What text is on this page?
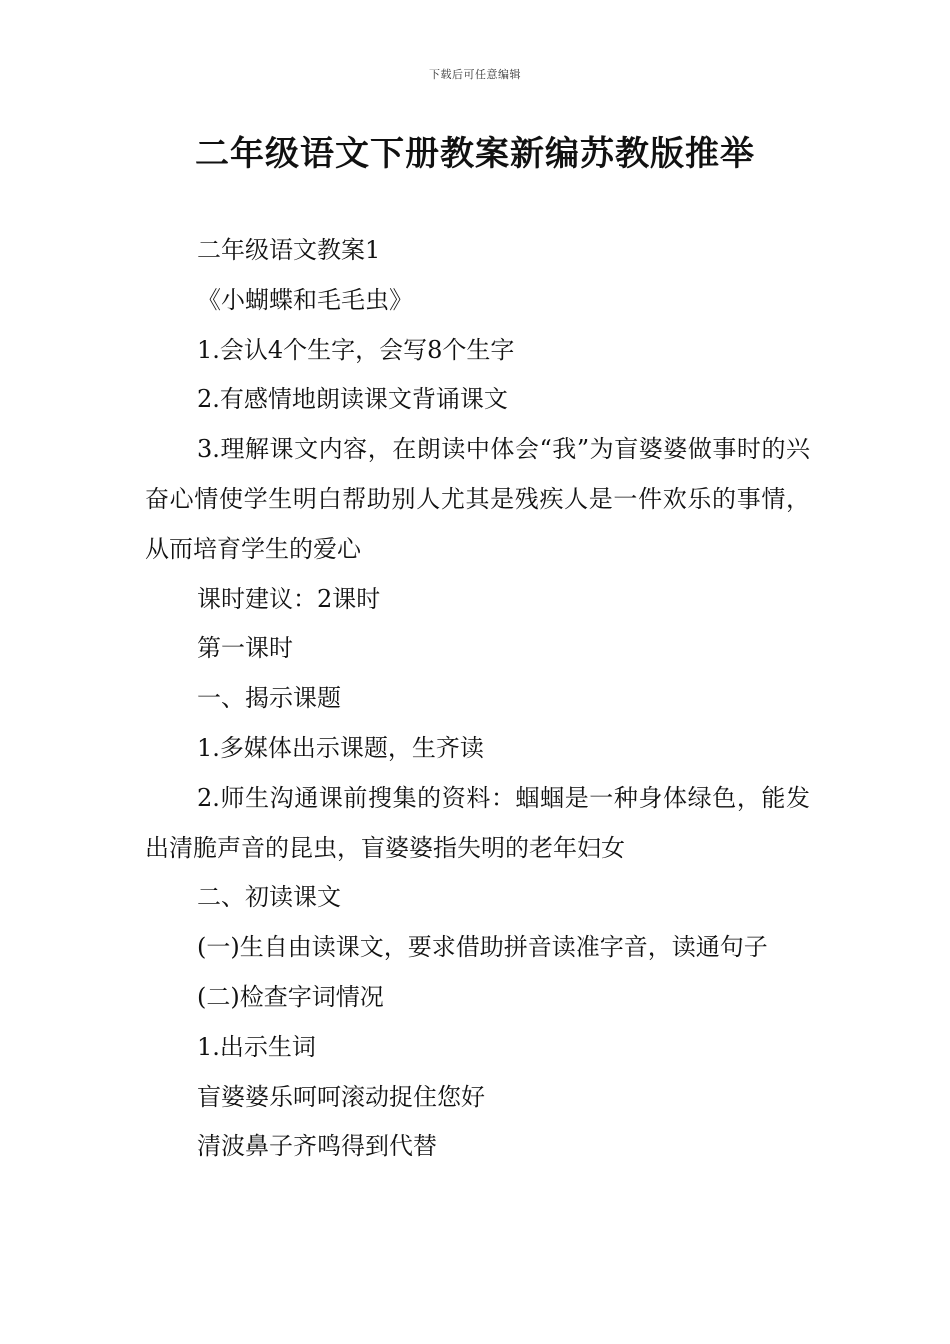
下载后可任意编辑
二年级语文下册教案新编苏教版推举

二年级语文教案1

《小蝴蝶和毛毛虫》

1.会认4个生字，会写8个生字

2.有感情地朗读课文背诵课文

3.理解课文内容，在朗读中体会“我”为盲婆婆做事时的兴奋心情使学生明白帮助别人尤其是残疾人是一件欢乐的事情，从而培育学生的爱心

课时建议：2课时

第一课时

一、揭示课题

1.多媒体出示课题，生齐读

2.师生沟通课前搜集的资料：蝈蝈是一种身体绿色，能发出清脆声音的昆虫，盲婆婆指失明的老年妇女

二、初读课文

(一)生自由读课文，要求借助拼音读准字音，读通句子

(二)检查字词情况

1.出示生词

盲婆婆乐呵呵滚动捉住您好

清波鼻子齐鸣得到代替
